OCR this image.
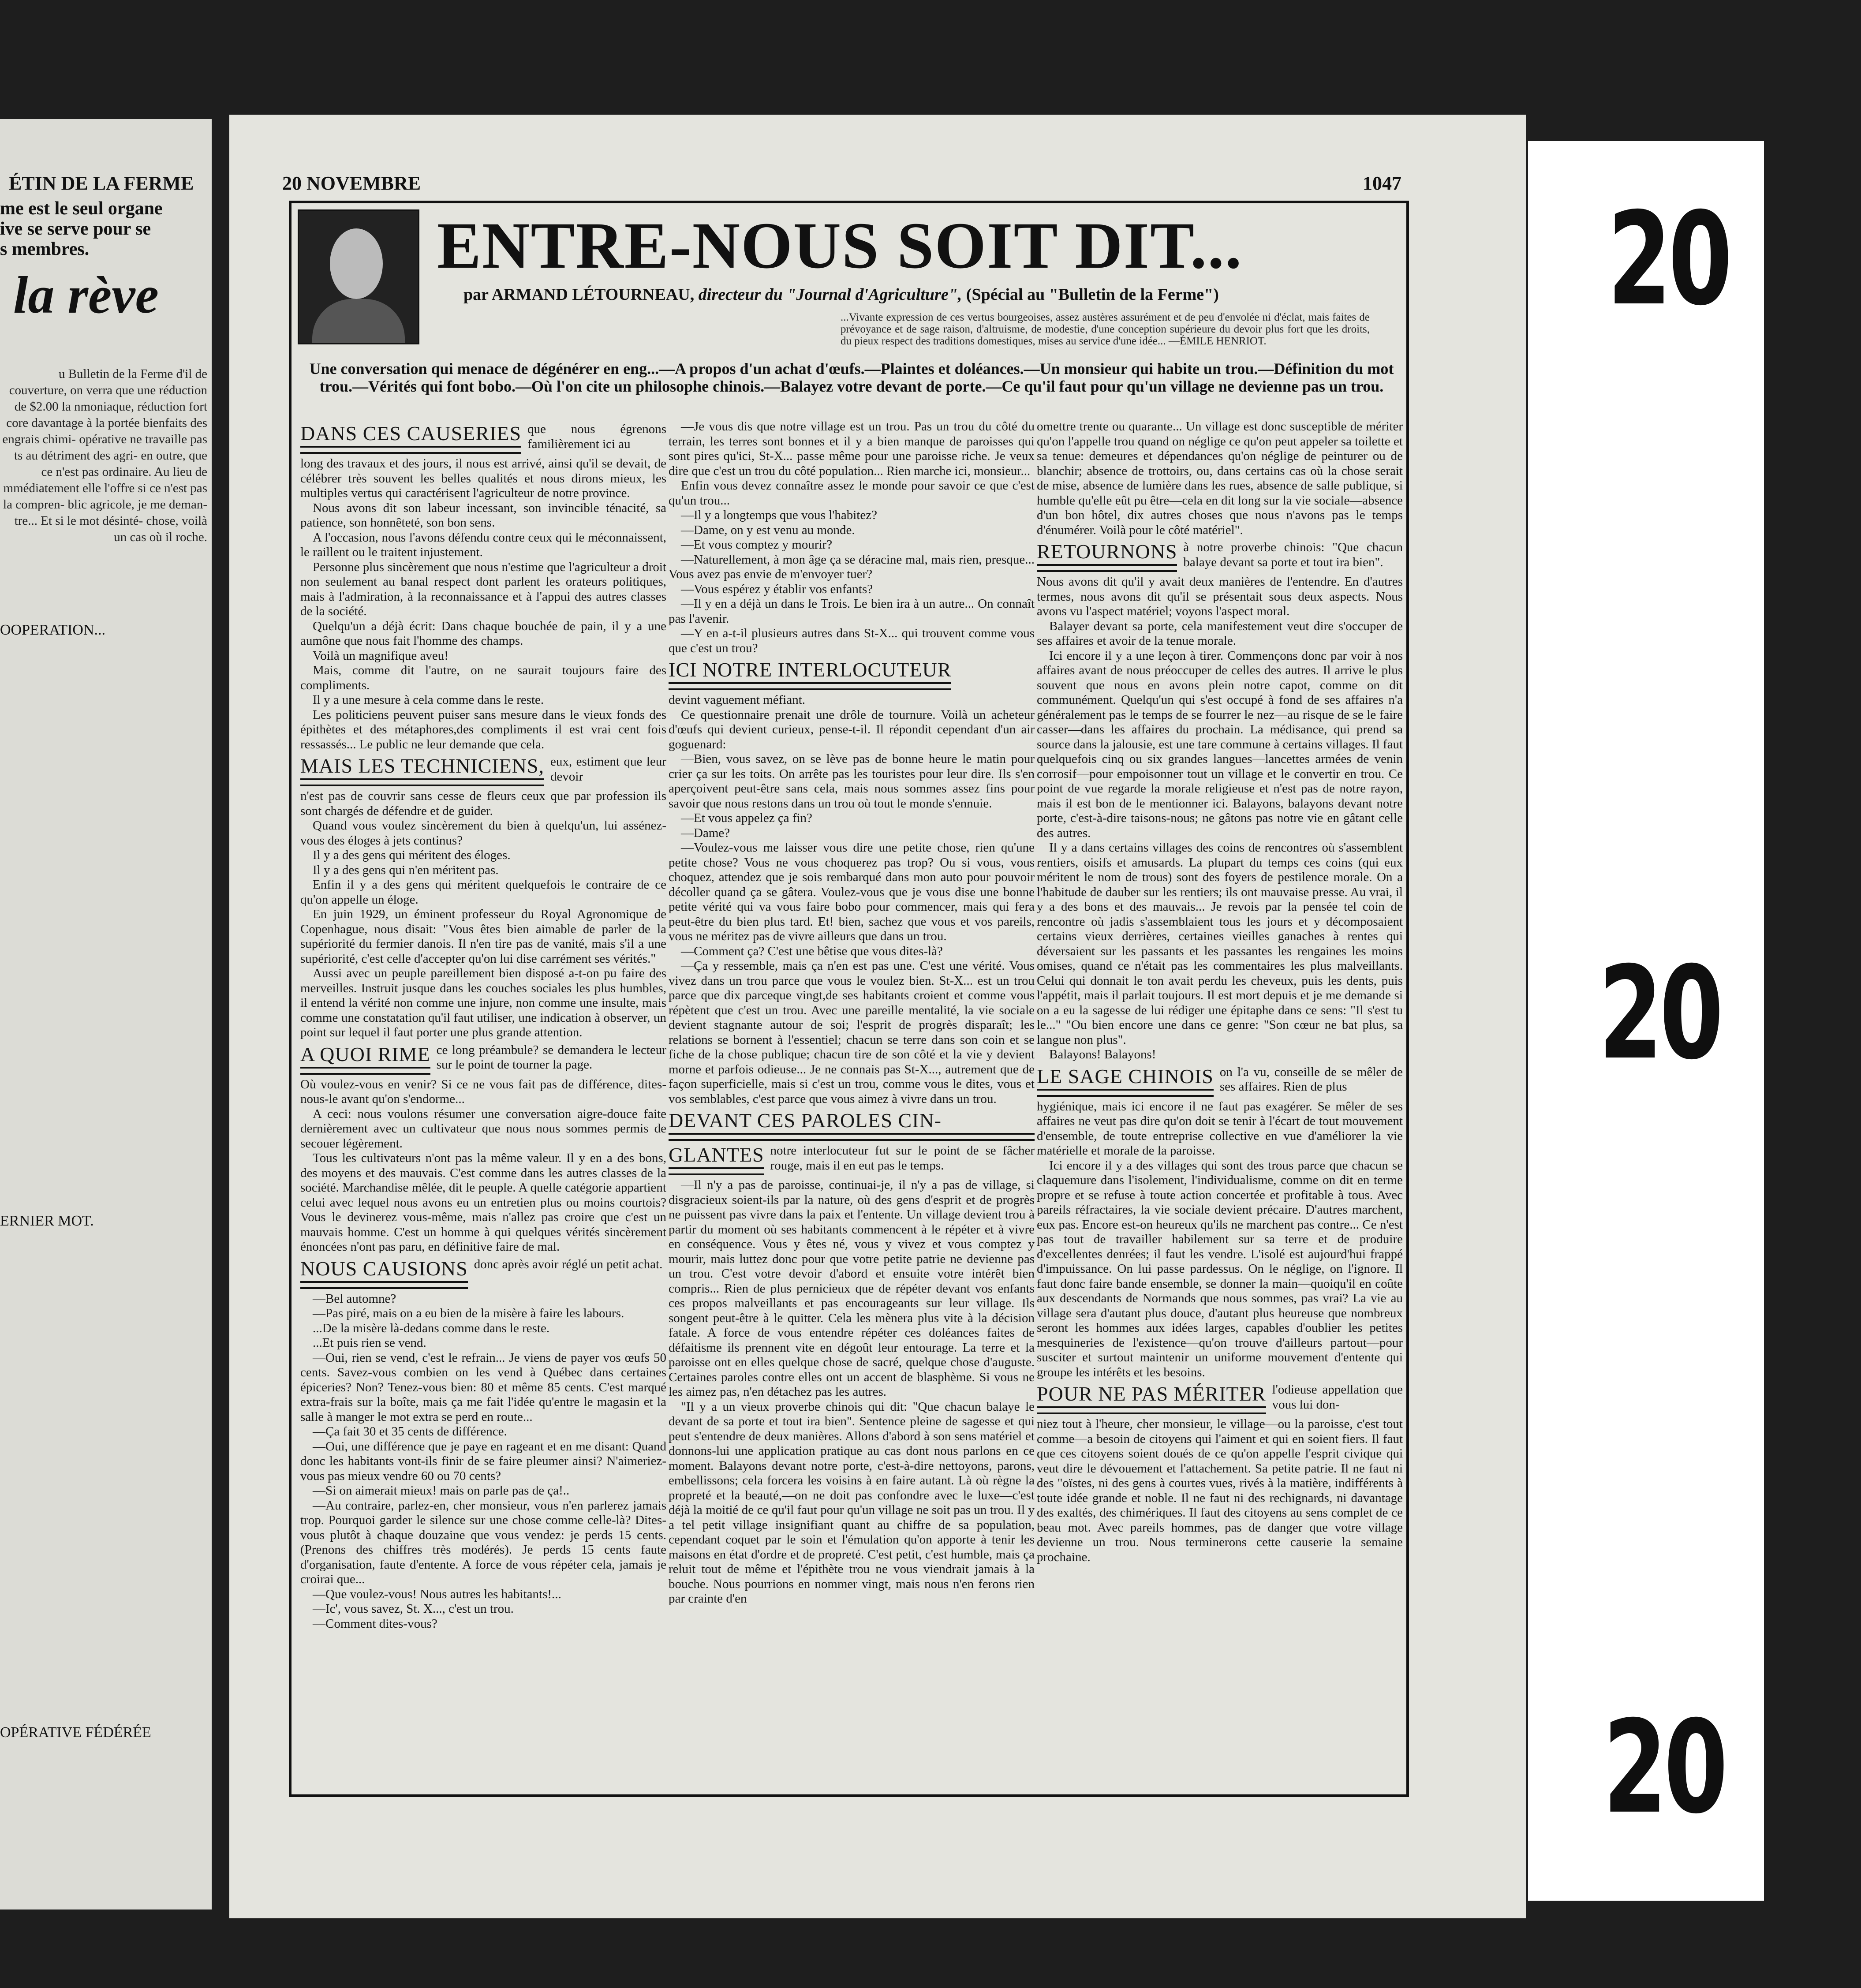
ÉTIN DE LA FERME
me est le seul organe
ive se serve pour se
s membres.
la rève
u Bulletin de la Ferme d'il de couverture, on verra que une réduction de $2.00 la nmoniaque, réduction fort core davantage à la portée bienfaits des engrais chimi- opérative ne travaille pas ts au détriment des agri- en outre, que ce n'est pas ordinaire. Au lieu de mmédiatement elle l'offre si ce n'est pas la compren- blic agricole, je me deman- tre... Et si le mot désinté- chose, voilà un cas où il roche.
OOPERATION...
ERNIER MOT.
OPÉRATIVE FÉDÉRÉE
20 NOVEMBRE	1047
ENTRE-NOUS SOIT DIT...
par ARMAND LÉTOURNEAU, directeur du "Journal d'Agriculture", (Spécial au "Bulletin de la Ferme")
...Vivante expression de ces vertus bourgeoises, assez austères assurément et de peu d'envolée ni d'éclat, mais faites de prévoyance et de sage raison, d'altruisme, de modestie, d'une conception supérieure du devoir plus fort que les droits, du pieux respect des traditions domestiques, mises au service d'une idée... —ÉMILE HENRIOT.
Une conversation qui menace de dégénérer en eng...—A propos d'un achat d'œufs.—Plaintes et doléances.—Un monsieur qui habite un trou.—Définition du mot trou.—Vérités qui font bobo.—Où l'on cite un philosophe chinois.—Balayez votre devant de porte.—Ce qu'il faut pour qu'un village ne devienne pas un trou.
DANS CES CAUSERIES que nous égrenons familièrement ici au

long des travaux et des jours, il nous est arrivé, ainsi qu'il se devait, de célébrer très souvent les belles qualités et nous dirons mieux, les multiples vertus qui caractérisent l'agriculteur de notre province.

Nous avons dit son labeur incessant, son invincible ténacité, sa patience, son honnêteté, son bon sens.

A l'occasion, nous l'avons défendu contre ceux qui le méconnaissent, le raillent ou le traitent injustement.

Personne plus sincèrement que nous n'estime que l'agriculteur a droit non seulement au banal respect dont parlent les orateurs politiques, mais à l'admiration, à la reconnaissance et à l'appui des autres classes de la société.

Quelqu'un a déjà écrit: Dans chaque bouchée de pain, il y a une aumône que nous fait l'homme des champs.

Voilà un magnifique aveu!

Mais, comme dit l'autre, on ne saurait toujours faire des compliments.

Il y a une mesure à cela comme dans le reste.

Les politiciens peuvent puiser sans mesure dans le vieux fonds des épithètes et des métaphores,des compliments il est vrai cent fois ressassés... Le public ne leur demande que cela.

MAIS LES TECHNICIENS, eux, estiment que leur devoir

n'est pas de couvrir sans cesse de fleurs ceux que par profession ils sont chargés de défendre et de guider.

Quand vous voulez sincèrement du bien à quelqu'un, lui assénez-vous des éloges à jets continus?

Il y a des gens qui méritent des éloges.

Il y a des gens qui n'en méritent pas.

Enfin il y a des gens qui méritent quelquefois le contraire de ce qu'on appelle un éloge.

En juin 1929, un éminent professeur du Royal Agronomique de Copenhague, nous disait: "Vous êtes bien aimable de parler de la supériorité du fermier danois. Il n'en tire pas de vanité, mais s'il a une supériorité, c'est celle d'accepter qu'on lui dise carrément ses vérités."

Aussi avec un peuple pareillement bien disposé a-t-on pu faire des merveilles. Instruit jusque dans les couches sociales les plus humbles, il entend la vérité non comme une injure, non comme une insulte, mais comme une constatation qu'il faut utiliser, une indication à observer, un point sur lequel il faut porter une plus grande attention.

A QUOI RIME ce long préambule? se demandera le lecteur sur le point de tourner la page.

Où voulez-vous en venir? Si ce ne vous fait pas de différence, dites-nous-le avant qu'on s'endorme...

A ceci: nous voulons résumer une conversation aigre-douce faite dernièrement avec un cultivateur que nous nous sommes permis de secouer légèrement.

Tous les cultivateurs n'ont pas la même valeur. Il y en a des bons, des moyens et des mauvais. C'est comme dans les autres classes de la société. Marchandise mêlée, dit le peuple. A quelle catégorie appartient celui avec lequel nous avons eu un entretien plus ou moins courtois? Vous le devinerez vous-même, mais n'allez pas croire que c'est un mauvais homme. C'est un homme à qui quelques vérités sincèrement énoncées n'ont pas paru, en définitive faire de mal.

NOUS CAUSIONS donc après avoir réglé un petit achat.

—Bel automne?

—Pas piré, mais on a eu bien de la misère à faire les labours.

...De la misère là-dedans comme dans le reste.

...Et puis rien se vend.

—Oui, rien se vend, c'est le refrain... Je viens de payer vos œufs 50 cents. Savez-vous combien on les vend à Québec dans certaines épiceries? Non? Tenez-vous bien: 80 et même 85 cents. C'est marqué extra-frais sur la boîte, mais ça me fait l'idée qu'entre le magasin et la salle à manger le mot extra se perd en route...

—Ça fait 30 et 35 cents de différence.

—Oui, une différence que je paye en rageant et en me disant: Quand donc les habitants vont-ils finir de se faire pleumer ainsi? N'aimeriez-vous pas mieux vendre 60 ou 70 cents?

—Si on aimerait mieux! mais on parle pas de ça!..

—Au contraire, parlez-en, cher monsieur, vous n'en parlerez jamais trop. Pourquoi garder le silence sur une chose comme celle-là? Dites-vous plutôt à chaque douzaine que vous vendez: je perds 15 cents. (Prenons des chiffres très modérés). Je perds 15 cents faute d'organisation, faute d'entente. A force de vous répéter cela, jamais je croirai que...

—Que voulez-vous! Nous autres les habitants!...

—Ic', vous savez, St. X..., c'est un trou.

—Comment dites-vous?

—Je vous dis que notre village est un trou. Pas un trou du côté du terrain, les terres sont bonnes et il y a bien manque de paroisses qui sont pires qu'ici, St-X... passe même pour une paroisse riche. Je veux dire que c'est un trou du côté population... Rien marche ici, monsieur...

Enfin vous devez connaître assez le monde pour savoir ce que c'est qu'un trou...

—Il y a longtemps que vous l'habitez?

—Dame, on y est venu au monde.

—Et vous comptez y mourir?

—Naturellement, à mon âge ça se déracine mal, mais rien, presque... Vous avez pas envie de m'envoyer tuer?

—Vous espérez y établir vos enfants?

—Il y en a déjà un dans le Trois. Le bien ira à un autre... On connaît pas l'avenir.

—Y en a-t-il plusieurs autres dans St-X... qui trouvent comme vous que c'est un trou?

ICI NOTRE INTERLOCUTEUR

devint vaguement méfiant.

Ce questionnaire prenait une drôle de tournure. Voilà un acheteur d'œufs qui devient curieux, pense-t-il. Il répondit cependant d'un air goguenard:

—Bien, vous savez, on se lève pas de bonne heure le matin pour crier ça sur les toits. On arrête pas les touristes pour leur dire. Ils s'en aperçoivent peut-être sans cela, mais nous sommes assez fins pour savoir que nous restons dans un trou où tout le monde s'ennuie.

—Et vous appelez ça fin?

—Dame?

—Voulez-vous me laisser vous dire une petite chose, rien qu'une petite chose? Vous ne vous choquerez pas trop? Ou si vous, vous choquez, attendez que je sois rembarqué dans mon auto pour pouvoir décoller quand ça se gâtera. Voulez-vous que je vous dise une bonne petite vérité qui va vous faire bobo pour commencer, mais qui fera peut-être du bien plus tard. Et! bien, sachez que vous et vos pareils, vous ne méritez pas de vivre ailleurs que dans un trou.

—Comment ça? C'est une bêtise que vous dites-là?

—Ça y ressemble, mais ça n'en est pas une. C'est une vérité. Vous vivez dans un trou parce que vous le voulez bien. St-X... est un trou parce que dix parceque vingt,de ses habitants croient et comme vous répètent que c'est un trou. Avec une pareille mentalité, la vie sociale devient stagnante autour de soi; l'esprit de progrès disparaît; les relations se bornent à l'essentiel; chacun se terre dans son coin et se fiche de la chose publique; chacun tire de son côté et la vie y devient morne et parfois odieuse... Je ne connais pas St-X..., autrement que de façon superficielle, mais si c'est un trou, comme vous le dites, vous et vos semblables, c'est parce que vous aimez à vivre dans un trou.

DEVANT CES PAROLES CIN-
GLANTES notre interlocuteur fut sur le point de se fâcher rouge, mais il en eut pas le temps.

—Il n'y a pas de paroisse, continuai-je, il n'y a pas de village, si disgracieux soient-ils par la nature, où des gens d'esprit et de progrès ne puissent pas vivre dans la paix et l'entente. Un village devient trou à partir du moment où ses habitants commencent à le répéter et à vivre en conséquence. Vous y êtes né, vous y vivez et vous comptez y mourir, mais luttez donc pour que votre petite patrie ne devienne pas un trou. C'est votre devoir d'abord et ensuite votre intérêt bien compris... Rien de plus pernicieux que de répéter devant vos enfants ces propos malveillants et pas encourageants sur leur village. Ils songent peut-être à le quitter. Cela les mènera plus vite à la décision fatale. A force de vous entendre répéter ces doléances faites de défaitisme ils prennent vite en dégoût leur entourage. La terre et la paroisse ont en elles quelque chose de sacré, quelque chose d'auguste. Certaines paroles contre elles ont un accent de blasphème. Si vous ne les aimez pas, n'en détachez pas les autres.

"Il y a un vieux proverbe chinois qui dit: "Que chacun balaye le devant de sa porte et tout ira bien". Sentence pleine de sagesse et qui peut s'entendre de deux manières. Allons d'abord à son sens matériel et donnons-lui une application pratique au cas dont nous parlons en ce moment. Balayons devant notre porte, c'est-à-dire nettoyons, parons, embellissons; cela forcera les voisins à en faire autant. Là où règne la propreté et la beauté,—on ne doit pas confondre avec le luxe—c'est déjà la moitié de ce qu'il faut pour qu'un village ne soit pas un trou. Il y a tel petit village insignifiant quant au chiffre de sa population, cependant coquet par le soin et l'émulation qu'on apporte à tenir les maisons en état d'ordre et de propreté. C'est petit, c'est humble, mais ça reluit tout de même et l'épithète trou ne vous viendrait jamais à la bouche. Nous pourrions en nommer vingt, mais nous n'en ferons rien par crainte d'en

omettre trente ou quarante... Un village est donc susceptible de mériter qu'on l'appelle trou quand on néglige ce qu'on peut appeler sa toilette et sa tenue: demeures et dépendances qu'on néglige de peinturer ou de blanchir; absence de trottoirs, ou, dans certains cas où la chose serait de mise, absence de lumière dans les rues, absence de salle publique, si humble qu'elle eût pu être—cela en dit long sur la vie sociale—absence d'un bon hôtel, dix autres choses que nous n'avons pas le temps d'énumérer. Voilà pour le côté matériel".

RETOURNONS à notre proverbe chinois: "Que chacun balaye devant sa porte et tout ira bien".

Nous avons dit qu'il y avait deux manières de l'entendre. En d'autres termes, nous avons dit qu'il se présentait sous deux aspects. Nous avons vu l'aspect matériel; voyons l'aspect moral.

Balayer devant sa porte, cela manifestement veut dire s'occuper de ses affaires et avoir de la tenue morale.

Ici encore il y a une leçon à tirer. Commençons donc par voir à nos affaires avant de nous préoccuper de celles des autres. Il arrive le plus souvent que nous en avons plein notre capot, comme on dit communément. Quelqu'un qui s'est occupé à fond de ses affaires n'a généralement pas le temps de se fourrer le nez—au risque de se le faire casser—dans les affaires du prochain. La médisance, qui prend sa source dans la jalousie, est une tare commune à certains villages. Il faut quelquefois cinq ou six grandes langues—lancettes armées de venin corrosif—pour empoisonner tout un village et le convertir en trou. Ce point de vue regarde la morale religieuse et n'est pas de notre rayon, mais il est bon de le mentionner ici. Balayons, balayons devant notre porte, c'est-à-dire taisons-nous; ne gâtons pas notre vie en gâtant celle des autres.

Il y a dans certains villages des coins de rencontres où s'assemblent rentiers, oisifs et amusards. La plupart du temps ces coins (qui eux méritent le nom de trous) sont des foyers de pestilence morale. On a l'habitude de dauber sur les rentiers; ils ont mauvaise presse. Au vrai, il y a des bons et des mauvais... Je revois par la pensée tel coin de rencontre où jadis s'assemblaient tous les jours et y décomposaient certains vieux derrières, certaines vieilles ganaches à rentes qui déversaient sur les passants et les passantes les rengaines les moins omises, quand ce n'était pas les commentaires les plus malveillants. Celui qui donnait le ton avait perdu les cheveux, puis les dents, puis l'appétit, mais il parlait toujours. Il est mort depuis et je me demande si on a eu la sagesse de lui rédiger une épitaphe dans ce sens: "Il s'est tu le..." "Ou bien encore une dans ce genre: "Son cœur ne bat plus, sa langue non plus".

Balayons! Balayons!

LE SAGE CHINOIS on l'a vu, conseille de se mêler de ses affaires. Rien de plus

hygiénique, mais ici encore il ne faut pas exagérer. Se mêler de ses affaires ne veut pas dire qu'on doit se tenir à l'écart de tout mouvement d'ensemble, de toute entreprise collective en vue d'améliorer la vie matérielle et morale de la paroisse.

Ici encore il y a des villages qui sont des trous parce que chacun se claquemure dans l'isolement, l'individualisme, comme on dit en terme propre et se refuse à toute action concertée et profitable à tous. Avec pareils réfractaires, la vie sociale devient précaire. D'autres marchent, eux pas. Encore est-on heureux qu'ils ne marchent pas contre... Ce n'est pas tout de travailler habilement sur sa terre et de produire d'excellentes denrées; il faut les vendre. L'isolé est aujourd'hui frappé d'impuissance. On lui passe pardessus. On le néglige, on l'ignore. Il faut donc faire bande ensemble, se donner la main—quoiqu'il en coûte aux descendants de Normands que nous sommes, pas vrai? La vie au village sera d'autant plus douce, d'autant plus heureuse que nombreux seront les hommes aux idées larges, capables d'oublier les petites mesquineries de l'existence—qu'on trouve d'ailleurs partout—pour susciter et surtout maintenir un uniforme mouvement d'entente qui groupe les intérêts et les besoins.

POUR NE PAS MÉRITER l'odieuse appellation que vous lui don-

niez tout à l'heure, cher monsieur, le village—ou la paroisse, c'est tout comme—a besoin de citoyens qui l'aiment et qui en soient fiers. Il faut que ces citoyens soient doués de ce qu'on appelle l'esprit civique qui veut dire le dévouement et l'attachement. Sa petite patrie. Il ne faut ni des "oïstes, ni des gens à courtes vues, rivés à la matière, indifférents à toute idée grande et noble. Il ne faut ni des rechignards, ni davantage des exaltés, des chimériques. Il faut des citoyens au sens complet de ce beau mot. Avec pareils hommes, pas de danger que votre village devienne un trou. Nous terminerons cette causerie la semaine prochaine.

20
20
20
